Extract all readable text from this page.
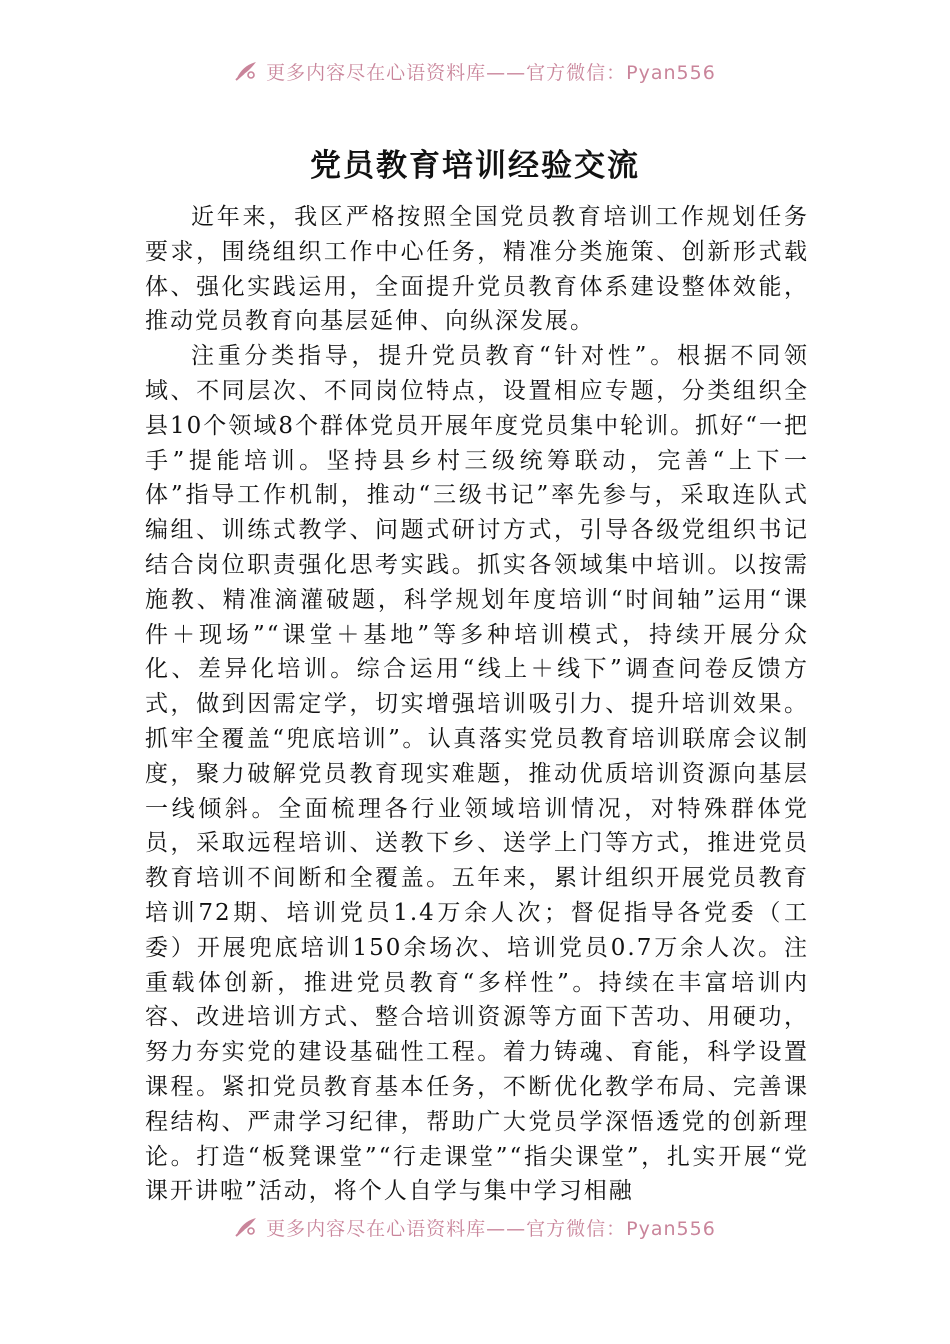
更多内容尽在心语资料库——官方微信：Pyan556
党员教育培训经验交流

近年来，我区严格按照全国党员教育培训工作规划任务要求，围绕组织工作中心任务，精准分类施策、创新形式载体、强化实践运用，全面提升党员教育体系建设整体效能，推动党员教育向基层延伸、向纵深发展。

注重分类指导，提升党员教育“针对性”。根据不同领域、不同层次、不同岗位特点，设置相应专题，分类组织全县10个领域8个群体党员开展年度党员集中轮训。抓好“一把手”提能培训。坚持县乡村三级统筹联动，完善“上下一体”指导工作机制，推动“三级书记”率先参与，采取连队式编组、训练式教学、问题式研讨方式，引导各级党组织书记结合岗位职责强化思考实践。抓实各领域集中培训。以按需施教、精准滴灌破题，科学规划年度培训“时间轴”运用“课件＋现场”“课堂＋基地”等多种培训模式，持续开展分众化、差异化培训。综合运用“线上＋线下”调查问卷反馈方式，做到因需定学，切实增强培训吸引力、提升培训效果。抓牢全覆盖“兜底培训”。认真落实党员教育培训联席会议制度，聚力破解党员教育现实难题，推动优质培训资源向基层一线倾斜。全面梳理各行业领域培训情况，对特殊群体党员，采取远程培训、送教下乡、送学上门等方式，推进党员教育培训不间断和全覆盖。五年来，累计组织开展党员教育培训72期、培训党员1.4万余人次；督促指导各党委（工委）开展兜底培训150余场次、培训党员0.7万余人次。注重载体创新，推进党员教育“多样性”。持续在丰富培训内容、改进培训方式、整合培训资源等方面下苦功、用硬功，努力夯实党的建设基础性工程。着力铸魂、育能，科学设置课程。紧扣党员教育基本任务，不断优化教学布局、完善课程结构、严肃学习纪律，帮助广大党员学深悟透党的创新理论。打造“板凳课堂”“行走课堂”“指尖课堂”，扎实开展“党课开讲啦”活动，将个人自学与集中学习相融

更多内容尽在心语资料库——官方微信：Pyan556
